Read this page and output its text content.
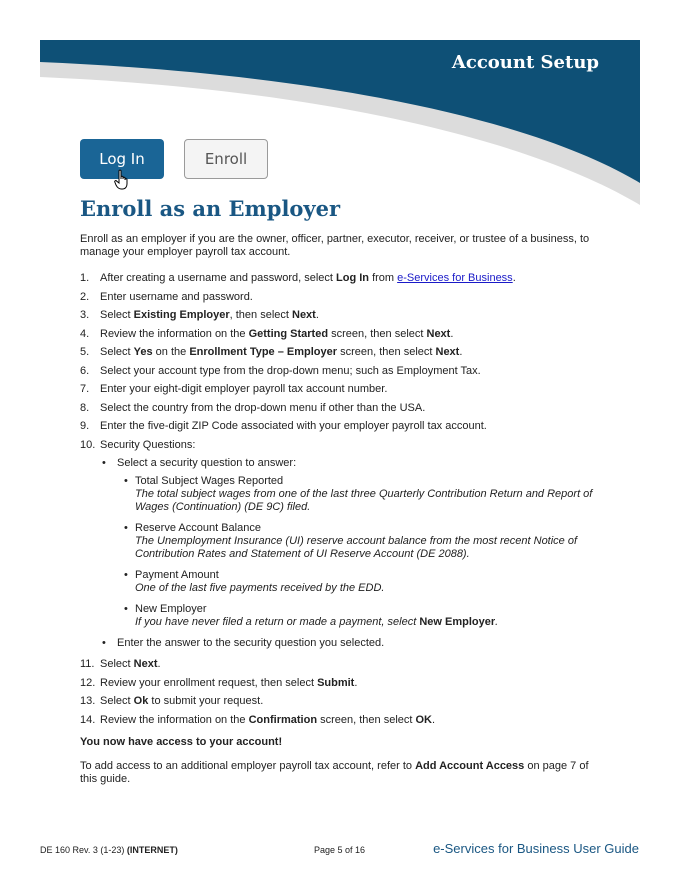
Account Setup
Log In	Enroll
Enroll as an Employer

Enroll as an employer if you are the owner, officer, partner, executor, receiver, or trustee of a business, to manage your employer payroll tax account.

1. After creating a username and password, select Log In from e-Services for Business.
2. Enter username and password.
3. Select Existing Employer, then select Next.
4. Review the information on the Getting Started screen, then select Next.
5. Select Yes on the Enrollment Type – Employer screen, then select Next.
6. Select your account type from the drop-down menu; such as Employment Tax.
7. Enter your eight-digit employer payroll tax account number.
8. Select the country from the drop-down menu if other than the USA.
9. Enter the five-digit ZIP Code associated with your employer payroll tax account.
10. Security Questions:
• Select a security question to answer:
• Total Subject Wages Reported
The total subject wages from one of the last three Quarterly Contribution Return and Report of Wages (Continuation) (DE 9C) filed.
• Reserve Account Balance
The Unemployment Insurance (UI) reserve account balance from the most recent Notice of Contribution Rates and Statement of UI Reserve Account (DE 2088).
• Payment Amount
One of the last five payments received by the EDD.
• New Employer
If you have never filed a return or made a payment, select New Employer.
• Enter the answer to the security question you selected.
11. Select Next.
12. Review your enrollment request, then select Submit.
13. Select Ok to submit your request.
14. Review the information on the Confirmation screen, then select OK.

You now have access to your account!

To add access to an additional employer payroll tax account, refer to Add Account Access on page 7 of this guide.

DE 160 Rev. 3 (1-23) (INTERNET)	Page 5 of 16	e-Services for Business User Guide
